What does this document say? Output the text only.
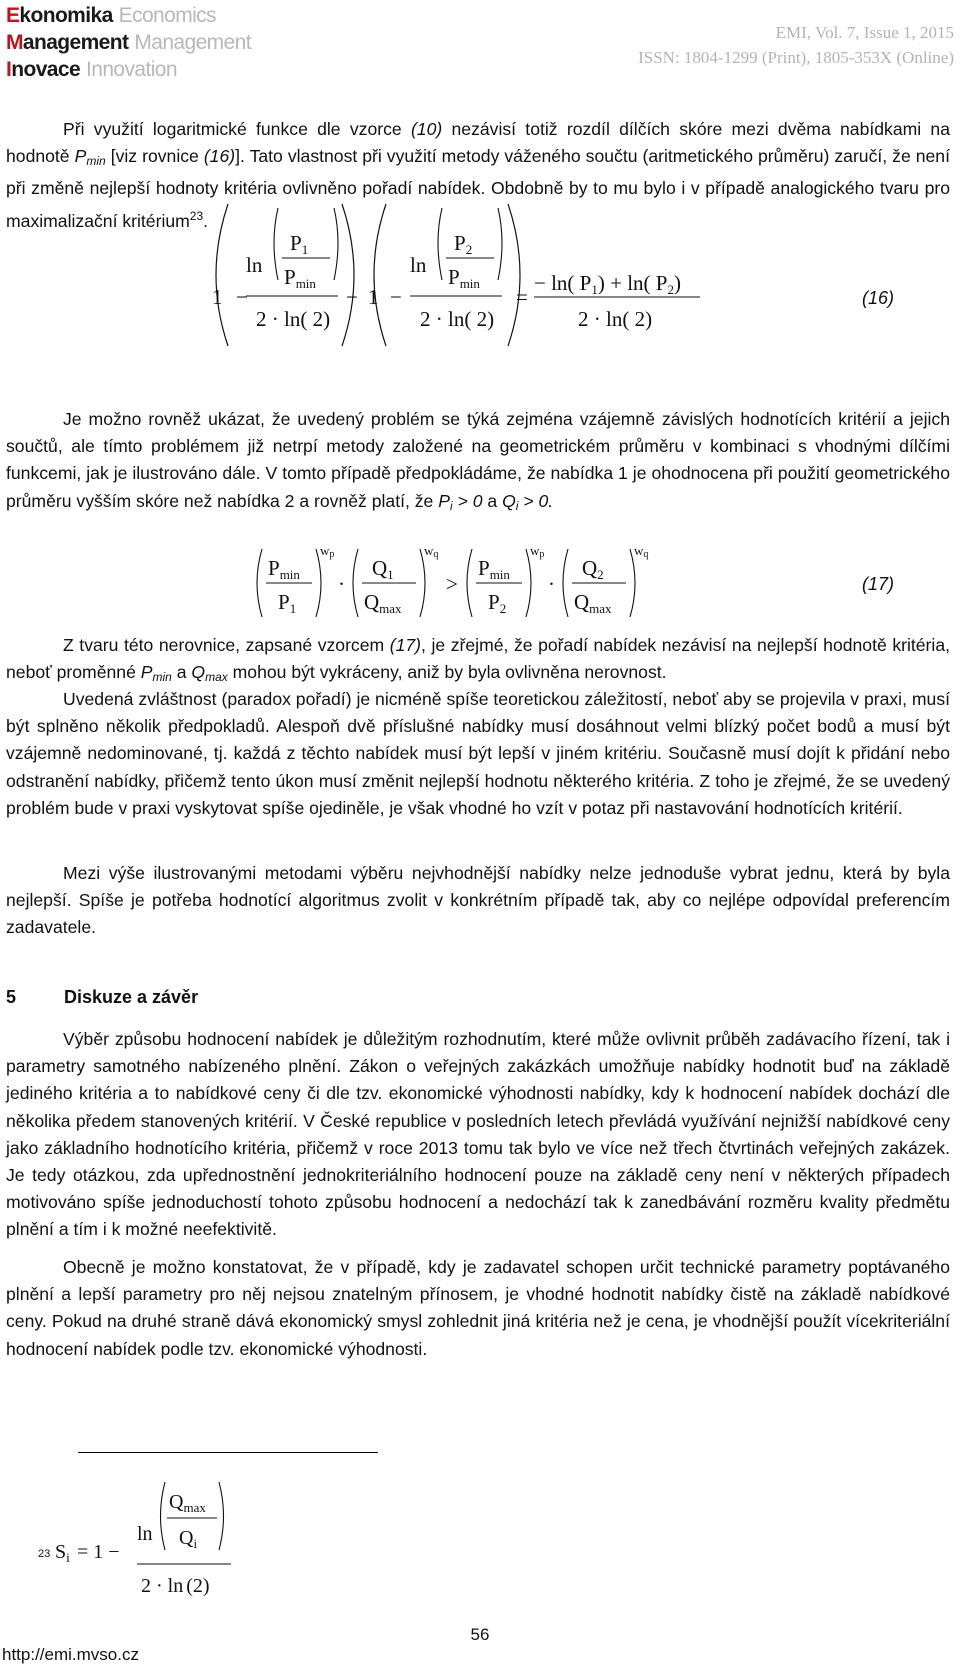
Ekonomika Economics
Management Management
Inovace Innovation
EMI, Vol. 7, Issue 1, 2015
ISSN: 1804-1299 (Print), 1805-353X (Online)

Při využití logaritmické funkce dle vzorce (10) nezávisí totiž rozdíl dílčích skóre mezi dvěma nabídkami na hodnotě $P_{min}$ [viz rovnice (16)]. Tato vlastnost při využití metody váženého součtu (aritmetického průměru) zaručí, že není při změně nejlepší hodnoty kritéria ovlivněno pořadí nabídek. Obdobně by to mu bylo i v případě analogického tvaru pro maximalizační kritérium$^{23}$.

1 −
ln
P1
Pmin
2 · ln( 2)
− 1 −
ln
P2
Pmin
2 · ln( 2)
=
− ln( P1) + ln( P2)
2 · ln( 2)
(16)

Je možno rovněž ukázat, že uvedený problém se týká zejména vzájemně závislých hodnotících kritérií a jejich součtů, ale tímto problémem již netrpí metody založené na geometrickém průměru v kombinaci s vhodnými dílčími funkcemi, jak je ilustrováno dále. V tomto případě předpokládáme, že nabídka 1 je ohodnocena při použití geometrického průměru vyšším skóre než nabídka 2 a rovněž platí, že $P_i > 0$ a $Q_i > 0$.

Pmin
P1
wp
·
Q1
Qmax
wq
>
Pmin
P2
wp
·
Q2
Qmax
wq
(17)

Z tvaru této nerovnice, zapsané vzorcem (17), je zřejmé, že pořadí nabídek nezávisí na nejlepší hodnotě kritéria, neboť proměnné $P_{min}$ a $Q_{max}$ mohou být vykráceny, aniž by byla ovlivněna nerovnost.

Uvedená zvláštnost (paradox pořadí) je nicméně spíše teoretickou záležitostí, neboť aby se projevila v praxi, musí být splněno několik předpokladů. Alespoň dvě příslušné nabídky musí dosáhnout velmi blízký počet bodů a musí být vzájemně nedominované, tj. každá z těchto nabídek musí být lepší v jiném kritériu. Současně musí dojít k přidání nebo odstranění nabídky, přičemž tento úkon musí změnit nejlepší hodnotu některého kritéria. Z toho je zřejmé, že se uvedený problém bude v praxi vyskytovat spíše ojediněle, je však vhodné ho vzít v potaz při nastavování hodnotících kritérií.

Mezi výše ilustrovanými metodami výběru nejvhodnější nabídky nelze jednoduše vybrat jednu, která by byla nejlepší. Spíše je potřeba hodnotící algoritmus zvolit v konkrétním případě tak, aby co nejlépe odpovídal preferencím zadavatele.

5	Diskuze a závěr

Výběr způsobu hodnocení nabídek je důležitým rozhodnutím, které může ovlivnit průběh zadávacího řízení, tak i parametry samotného nabízeného plnění. Zákon o veřejných zakázkách umožňuje nabídky hodnotit buď na základě jediného kritéria a to nabídkové ceny či dle tzv. ekonomické výhodnosti nabídky, kdy k hodnocení nabídek dochází dle několika předem stanovených kritérií. V České republice v posledních letech převládá využívání nejnižší nabídkové ceny jako základního hodnotícího kritéria, přičemž v roce 2013 tomu tak bylo ve více než třech čtvrtinách veřejných zakázek. Je tedy otázkou, zda upřednostnění jednokriteriálního hodnocení pouze na základě ceny není v některých případech motivováno spíše jednoduchostí tohoto způsobu hodnocení a nedochází tak k zanedbávání rozměru kvality předmětu plnění a tím i k možné neefektivitě.

Obecně je možno konstatovat, že v případě, kdy je zadavatel schopen určit technické parametry poptávaného plnění a lepší parametry pro něj nejsou znatelným přínosem, je vhodné hodnotit nabídky čistě na základě nabídkové ceny. Pokud na druhé straně dává ekonomický smysl zohlednit jiná kritéria než je cena, je vhodnější použít vícekriteriální hodnocení nabídek podle tzv. ekonomické výhodnosti.

23 $S_i = 1$ −
ln
$Q_{max}$
$Q_i$
2 · ln (2)
56
http://emi.mvso.cz
